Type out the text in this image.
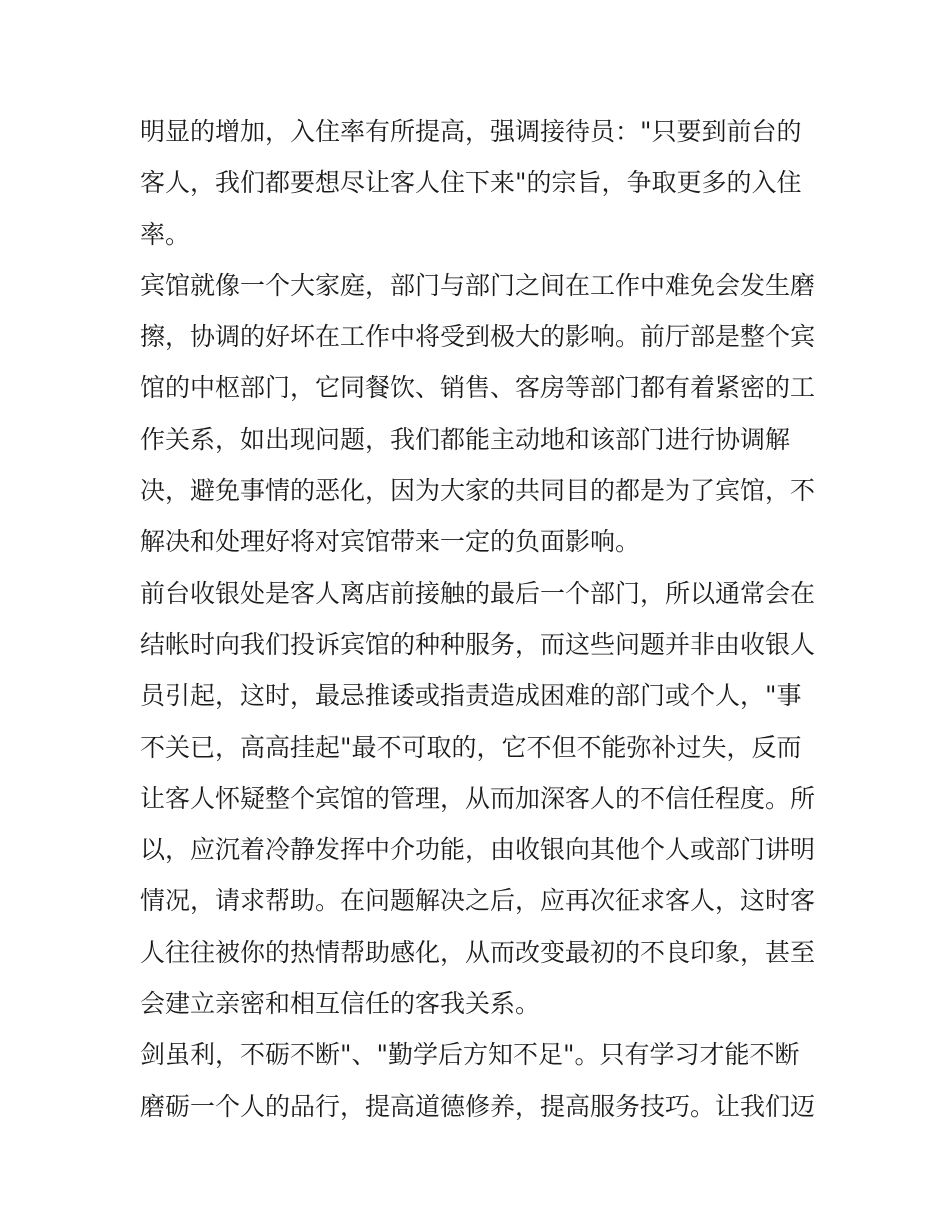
明显的增加，入住率有所提高，强调接待员："只要到前台的
客人，我们都要想尽让客人住下来"的宗旨，争取更多的入住
率。
宾馆就像一个大家庭，部门与部门之间在工作中难免会发生磨
擦，协调的好坏在工作中将受到极大的影响。前厅部是整个宾
馆的中枢部门，它同餐饮、销售、客房等部门都有着紧密的工
作关系，如出现问题，我们都能主动地和该部门进行协调解
决，避免事情的恶化，因为大家的共同目的都是为了宾馆，不
解决和处理好将对宾馆带来一定的负面影响。
前台收银处是客人离店前接触的最后一个部门，所以通常会在
结帐时向我们投诉宾馆的种种服务，而这些问题并非由收银人
员引起，这时，最忌推诿或指责造成困难的部门或个人，"事
不关已，高高挂起"最不可取的，它不但不能弥补过失，反而
让客人怀疑整个宾馆的管理，从而加深客人的不信任程度。所
以，应沉着冷静发挥中介功能，由收银向其他个人或部门讲明
情况，请求帮助。在问题解决之后，应再次征求客人，这时客
人往往被你的热情帮助感化，从而改变最初的不良印象，甚至
会建立亲密和相互信任的客我关系。
剑虽利，不砺不断"、"勤学后方知不足"。只有学习才能不断
磨砺一个人的品行，提高道德修养，提高服务技巧。让我们迈
